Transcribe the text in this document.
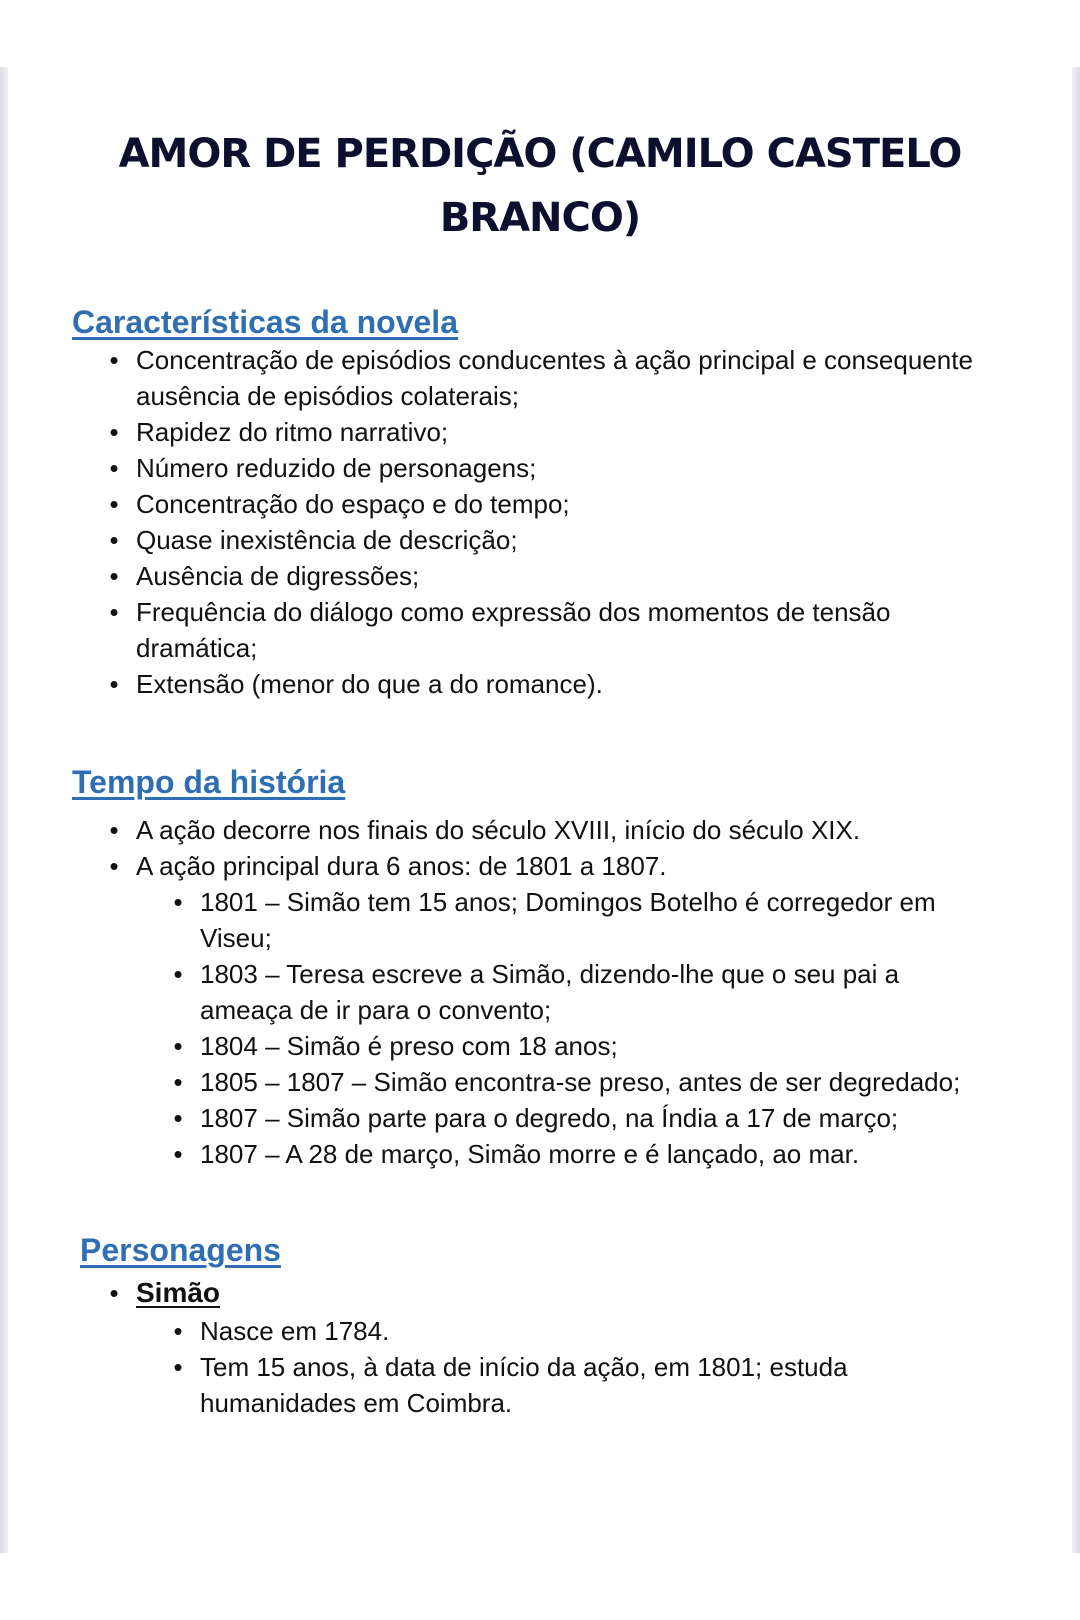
AMOR DE PERDIÇÃO (CAMILO CASTELO
BRANCO)
Características da novela
• Concentração de episódios conducentes à ação principal e consequente ausência de episódios colaterais;
• Rapidez do ritmo narrativo;
• Número reduzido de personagens;
• Concentração do espaço e do tempo;
• Quase inexistência de descrição;
• Ausência de digressões;
• Frequência do diálogo como expressão dos momentos de tensão dramática;
• Extensão (menor do que a do romance).
Tempo da história
• A ação decorre nos finais do século XVIII, início do século XIX.
• A ação principal dura 6 anos: de 1801 a 1807.
• 1801 – Simão tem 15 anos; Domingos Botelho é corregedor em Viseu;
• 1803 – Teresa escreve a Simão, dizendo-lhe que o seu pai a ameaça de ir para o convento;
• 1804 – Simão é preso com 18 anos;
• 1805 – 1807 – Simão encontra-se preso, antes de ser degredado;
• 1807 – Simão parte para o degredo, na Índia a 17 de março;
• 1807 – A 28 de março, Simão morre e é lançado, ao mar.
Personagens
• Simão
• Nasce em 1784.
• Tem 15 anos, à data de início da ação, em 1801; estuda humanidades em Coimbra.
